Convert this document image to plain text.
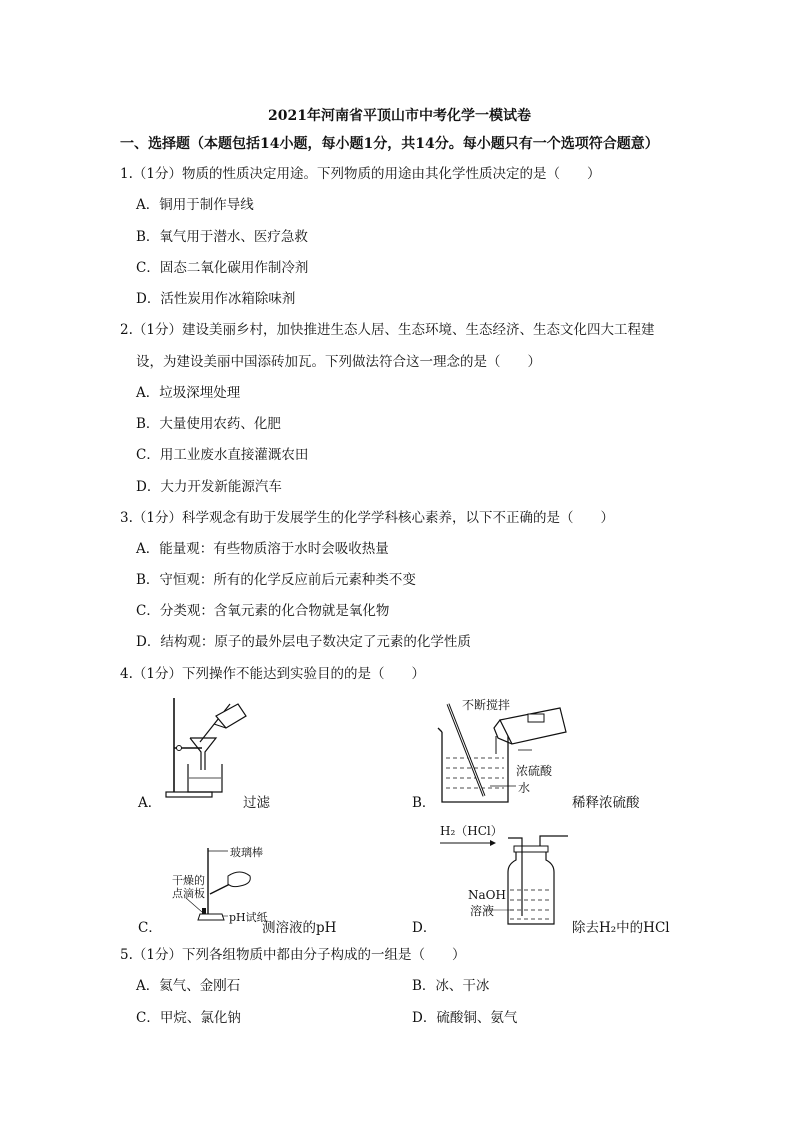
2021年河南省平顶山市中考化学一模试卷
一、选择题（本题包括14小题，每小题1分，共14分。每小题只有一个选项符合题意）
1.（1分）物质的性质决定用途。下列物质的用途由其化学性质决定的是（　　）
A．铜用于制作导线
B．氧气用于潜水、医疗急救
C．固态二氧化碳用作制冷剂
D．活性炭用作冰箱除味剂
2.（1分）建设美丽乡村，加快推进生态人居、生态环境、生态经济、生态文化四大工程建
设，为建设美丽中国添砖加瓦。下列做法符合这一理念的是（　　）
A．垃圾深埋处理
B．大量使用农药、化肥
C．用工业废水直接灌溉农田
D．大力开发新能源汽车
3.（1分）科学观念有助于发展学生的化学学科核心素养，以下不正确的是（　　）
A．能量观：有些物质溶于水时会吸收热量
B．守恒观：所有的化学反应前后元素种类不变
C．分类观：含氧元素的化合物就是氧化物
D．结构观：原子的最外层电子数决定了元素的化学性质
4.（1分）下列操作不能达到实验目的的是（　　）
A．	过滤
不断搅拌
浓硫酸
水
B．	稀释浓硫酸
玻璃棒
干燥的
点滴板
pH试纸
C．	测溶液的pH
H₂（HCl）
NaOH
溶液
D．	除去H₂中的HCl
5.（1分）下列各组物质中都由分子构成的一组是（　　）
A．氦气、金刚石	B．冰、干冰
C．甲烷、氯化钠	D．硫酸铜、氨气
